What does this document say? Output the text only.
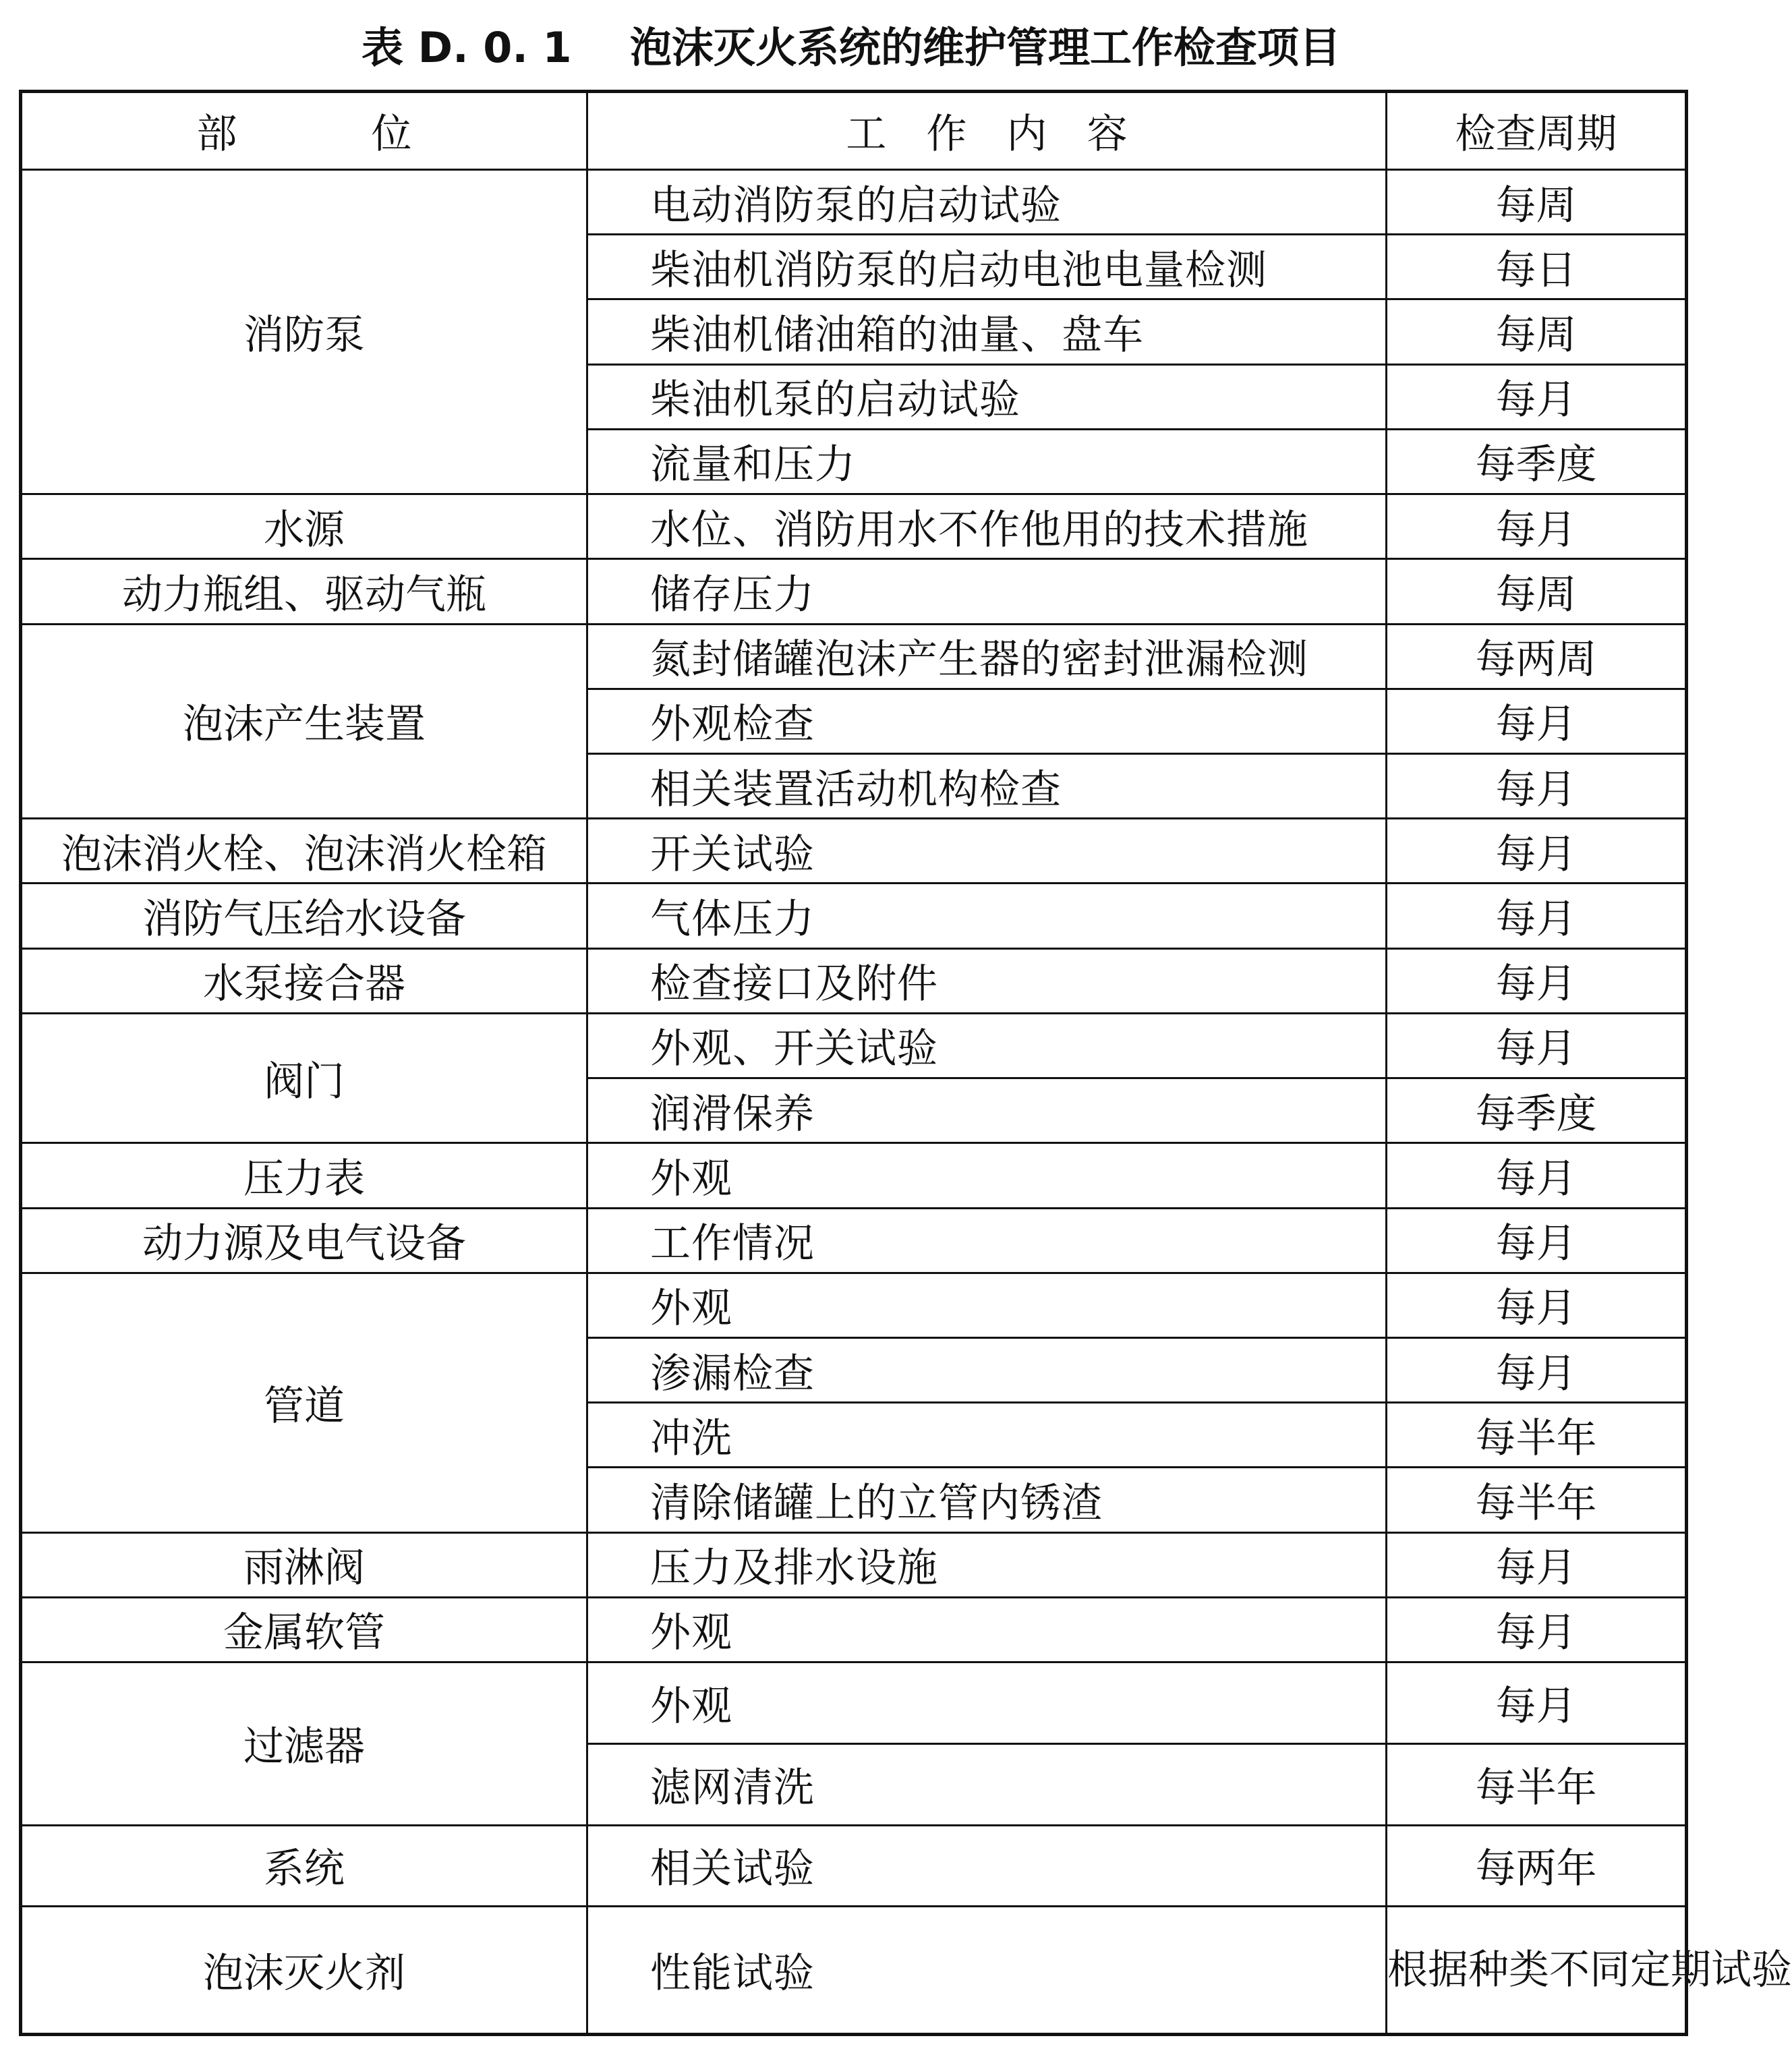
表 D. 0. 1    泡沫灭火系统的维护管理工作检查项目
部 位	工 作 内 容	检查周期
消防泵	电动消防泵的启动试验	每周
	柴油机消防泵的启动电池电量检测	每日
	柴油机储油箱的油量、盘车	每周
	柴油机泵的启动试验	每月
	流量和压力	每季度
水源	水位、消防用水不作他用的技术措施	每月
动力瓶组、驱动气瓶	储存压力	每周
泡沫产生装置	氮封储罐泡沫产生器的密封泄漏检测	每两周
	外观检查	每月
	相关装置活动机构检查	每月
泡沫消火栓、泡沫消火栓箱	开关试验	每月
消防气压给水设备	气体压力	每月
水泵接合器	检查接口及附件	每月
阀门	外观、开关试验	每月
	润滑保养	每季度
压力表	外观	每月
动力源及电气设备	工作情况	每月
管道	外观	每月
	渗漏检查	每月
	冲洗	每半年
	清除储罐上的立管内锈渣	每半年
雨淋阀	压力及排水设施	每月
金属软管	外观	每月
过滤器	外观	每月
	滤网清洗	每半年
系统	相关试验	每两年
泡沫灭火剂	性能试验	根据种类不同定期试验
